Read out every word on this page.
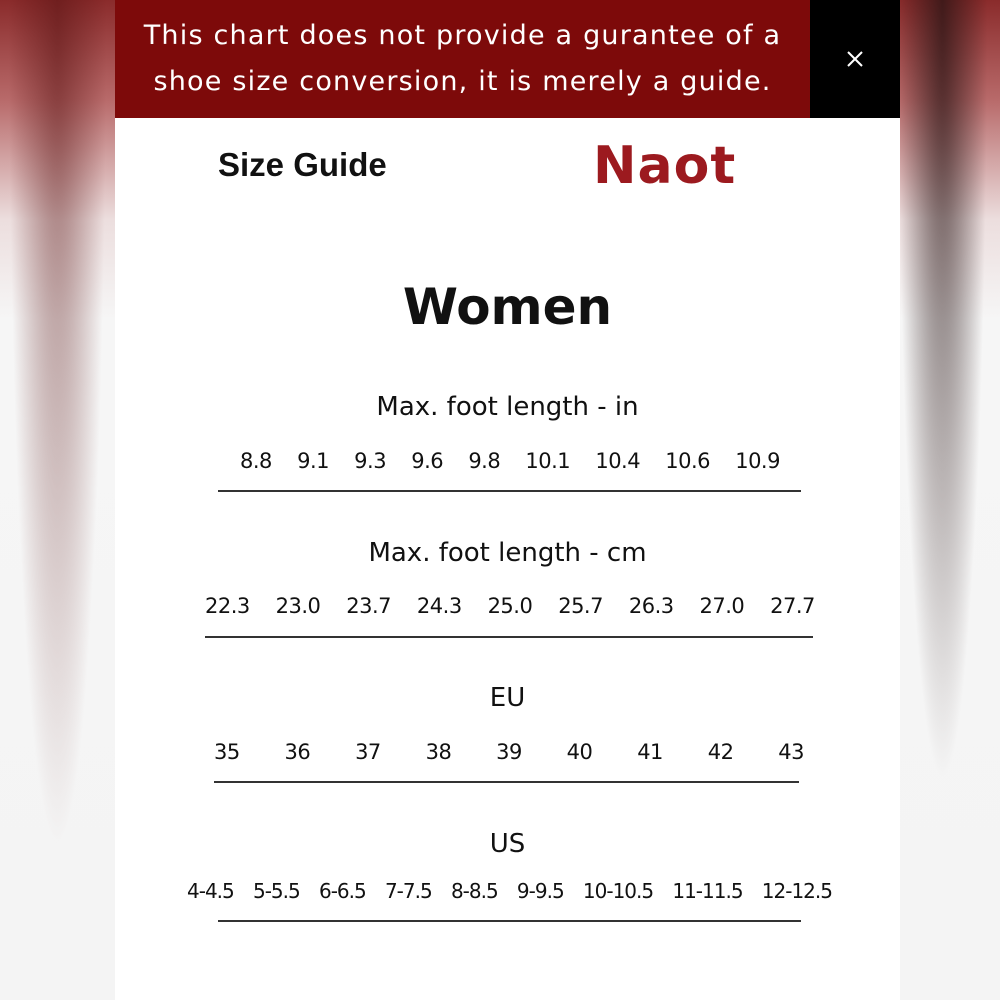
This chart does not provide a gurantee of a shoe size conversion, it is merely a guide.
Size Guide	Naot
Women
Max. foot length - in
8.8 9.1 9.3 9.6 9.8 10.1 10.4 10.6 10.9
Max. foot length - cm
22.3 23.0 23.7 24.3 25.0 25.7 26.3 27.0 27.7
EU
35 36 37 38 39 40 41 42 43
US
4-4.5 5-5.5 6-6.5 7-7.5 8-8.5 9-9.5 10-10.5 11-11.5 12-12.5
